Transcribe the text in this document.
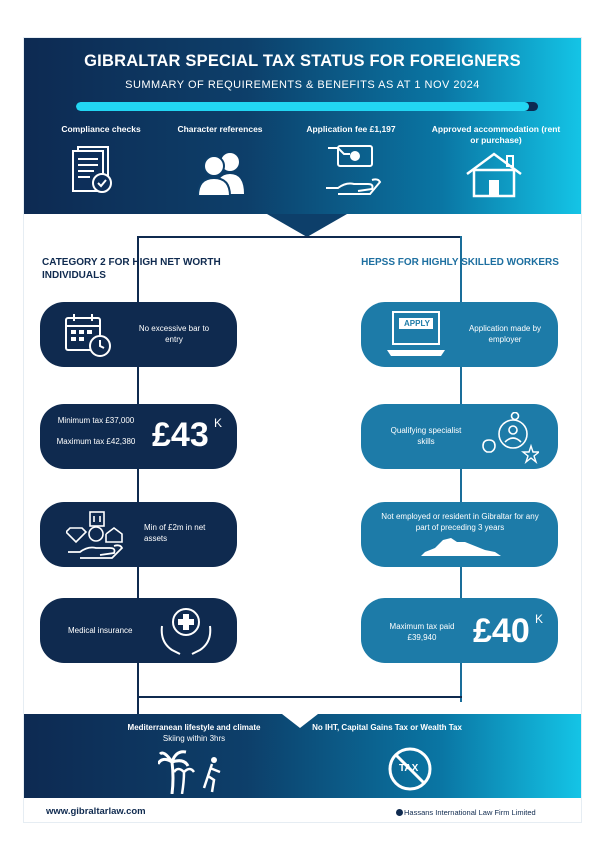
GIBRALTAR SPECIAL TAX STATUS FOR FOREIGNERS
SUMMARY OF REQUIREMENTS & BENEFITS AS AT 1 NOV 2024
Compliance checks	Character references	Application fee £1,197	Approved accommodation (rent or purchase)
CATEGORY 2 FOR HIGH NET WORTH INDIVIDUALS
HEPSS FOR HIGHLY SKILLED WORKERS
No excessive bar to entry
Minimum tax £37,000
Maximum tax £42,380 £43 K
Min of £2m in net assets
Medical insurance
APPLY
Application made by employer
Qualifying specialist skills
Not employed or resident in Gibraltar for any part of preceding 3 years
Maximum tax paid £39,940	£40 K
Mediterranean lifestyle and climate
Skiing within 3hrs
No IHT, Capital Gains Tax or Wealth Tax
TAX
www.gibraltarlaw.com	Hassans International Law Firm Limited
